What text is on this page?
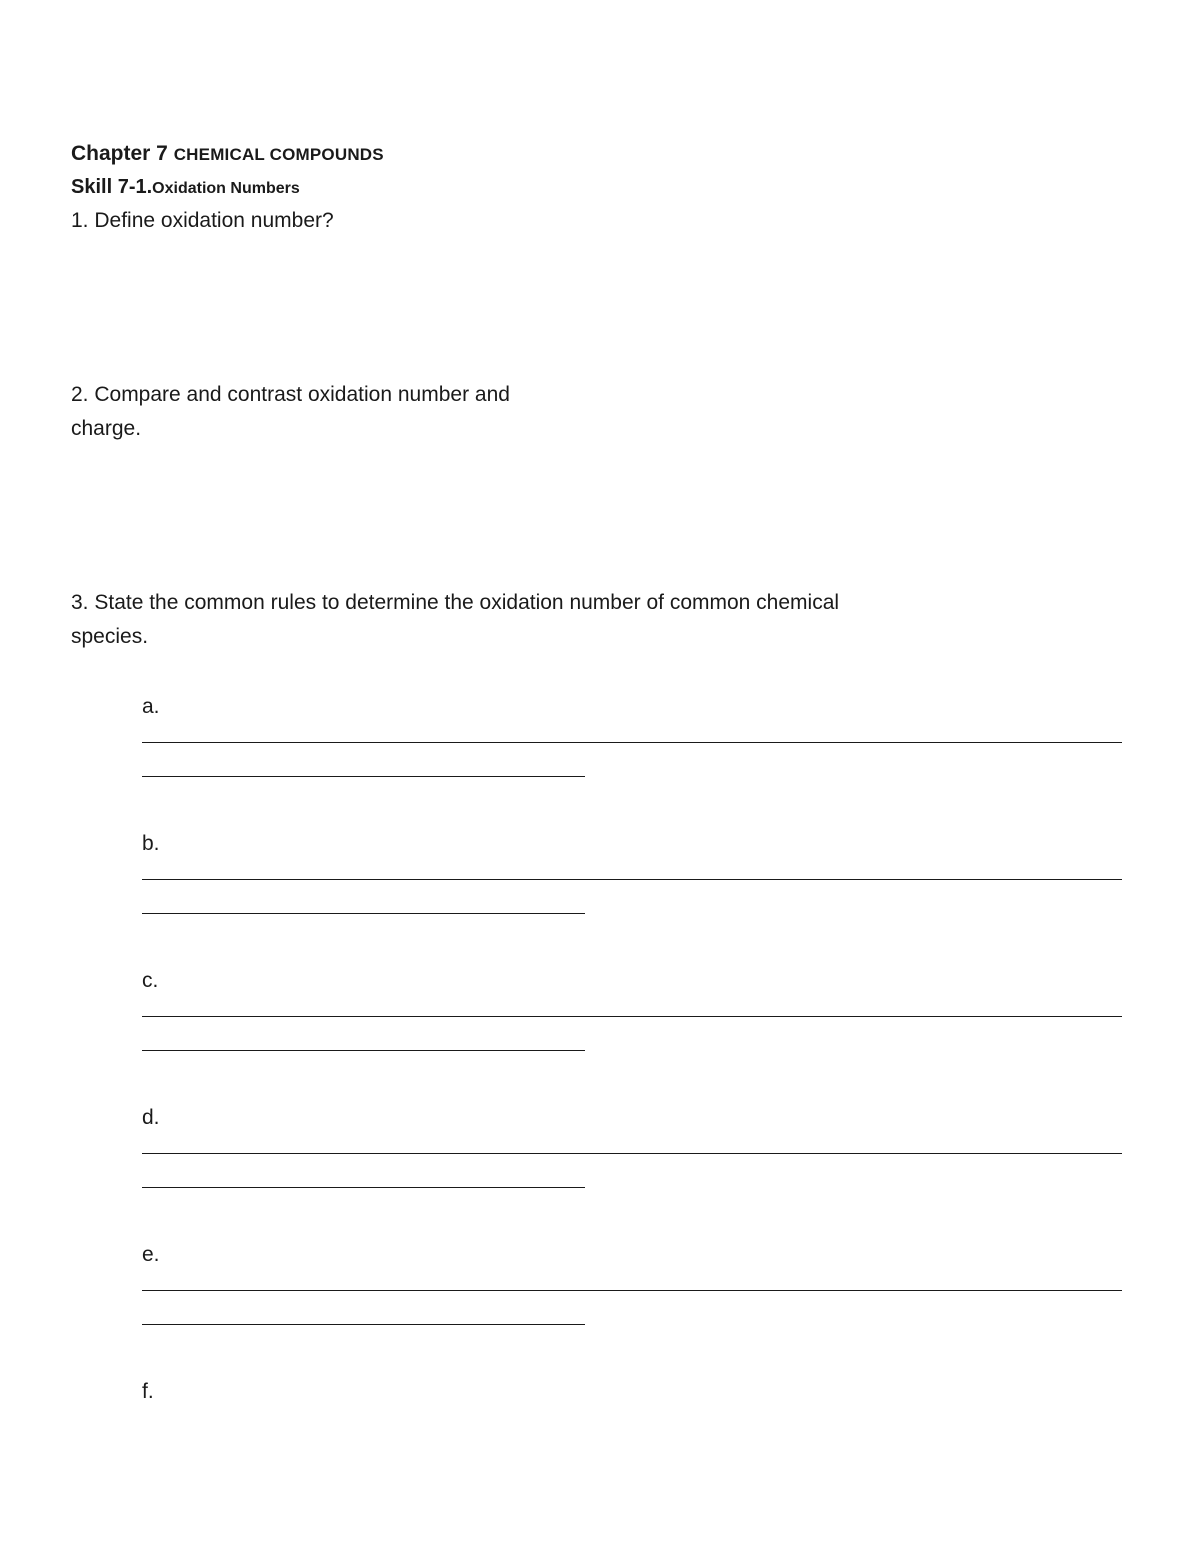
Chapter 7 CHEMICAL COMPOUNDS
Skill 7-1.Oxidation Numbers
1. Define oxidation number?
2. Compare and contrast oxidation number and
charge.
3. State the common rules to determine the oxidation number of common chemical
species.
a.
b.
c.
d.
e.
f.
